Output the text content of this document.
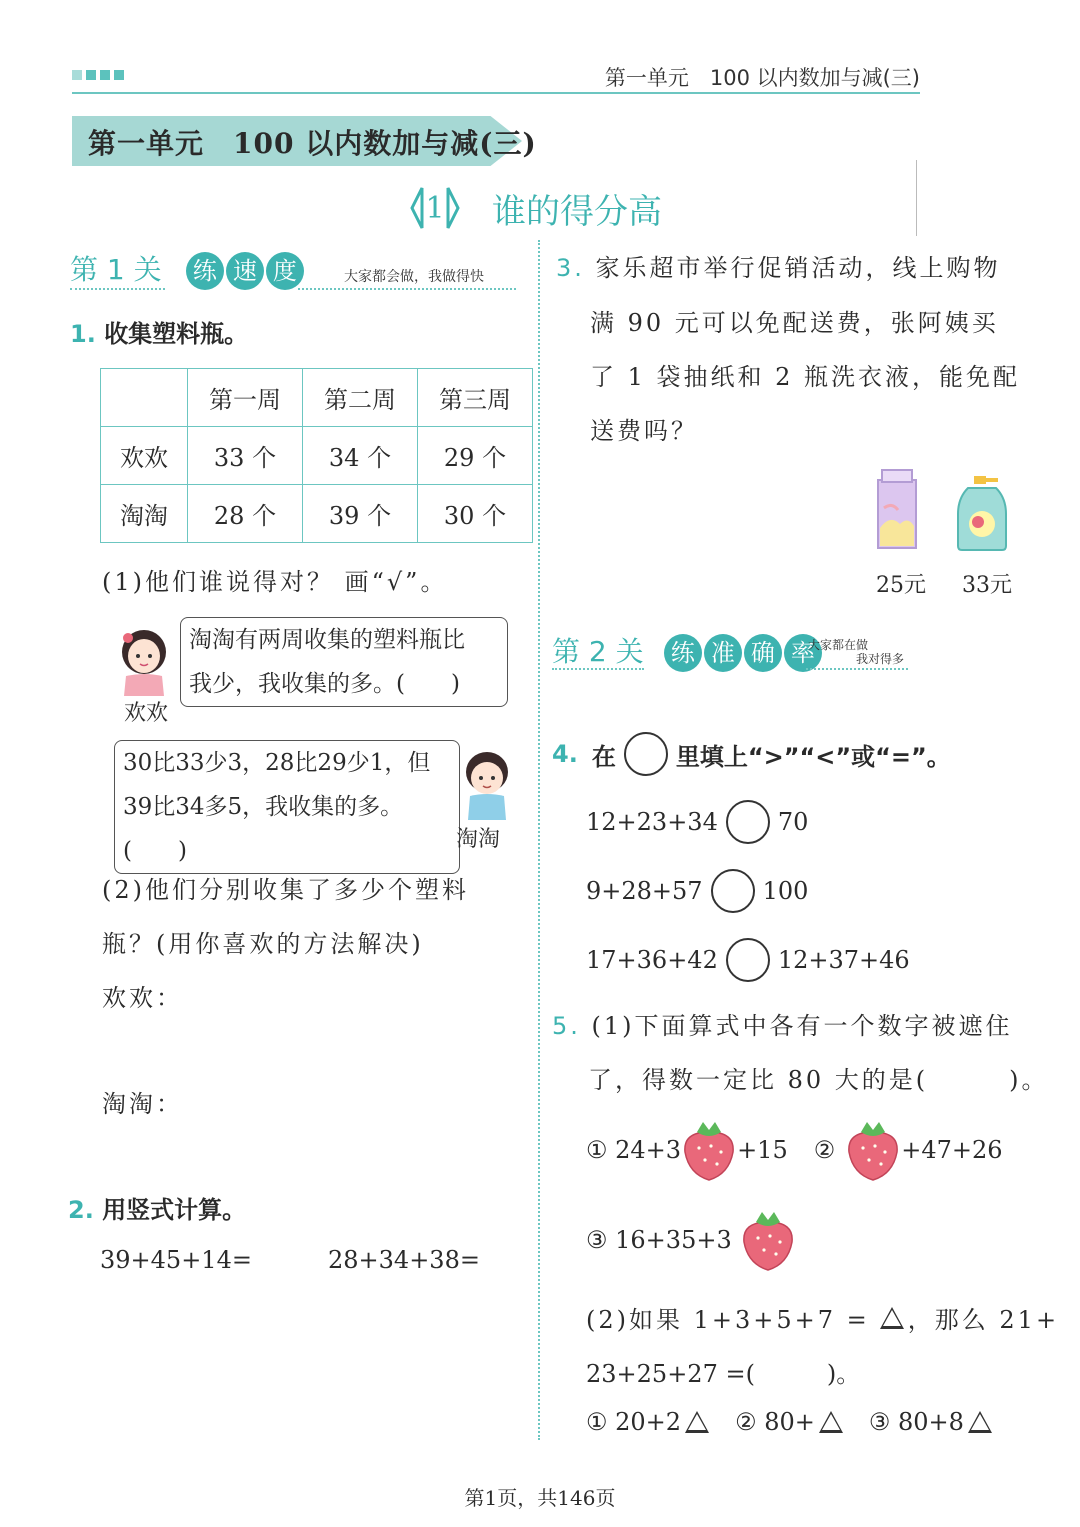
第一单元　100 以内数加与减(三)
第一单元　100 以内数加与减(三)
1 谁的得分高
第 1 关 练 速 度	大家都会做，我做得快
1. 收集塑料瓶。
	第一周	第二周	第三周
欢欢	33 个	34 个	29 个
淘淘	28 个	39 个	30 个
(1)他们谁说得对？ 画“√”。
欢欢
淘淘有两周收集的塑料瓶比
我少，我收集的多。(　　)
30比33少3，28比29少1，但
39比34多5，我收集的多。(　　)	淘淘
(2)他们分别收集了多少个塑料
瓶？(用你喜欢的方法解决)
欢欢：
淘淘：
2. 用竖式计算。
39+45+14=	28+34+38=
3. 家乐超市举行促销活动，线上购物
满 90 元可以免配送费，张阿姨买
了 1 袋抽纸和 2 瓶洗衣液，能免配
送费吗？
25元 33元
第 2 关 练 准 确 率
大家都在做
我对得多
4. 在	里填上“>”“<”或“=”。
12+23+34	70
9+28+57	100
17+36+42	12+37+46
5. (1)下面算式中各有一个数字被遮住
了，得数一定比 80 大的是(　　　)。
① 24+3 +15 ②	+47+26
③ 16+35+3
(2)如果 1+3+5+7 = ，那么 21+
23+25+27 =(　　　)。
① 20+2 ② 80+ ③ 80+8
第1页，共146页
